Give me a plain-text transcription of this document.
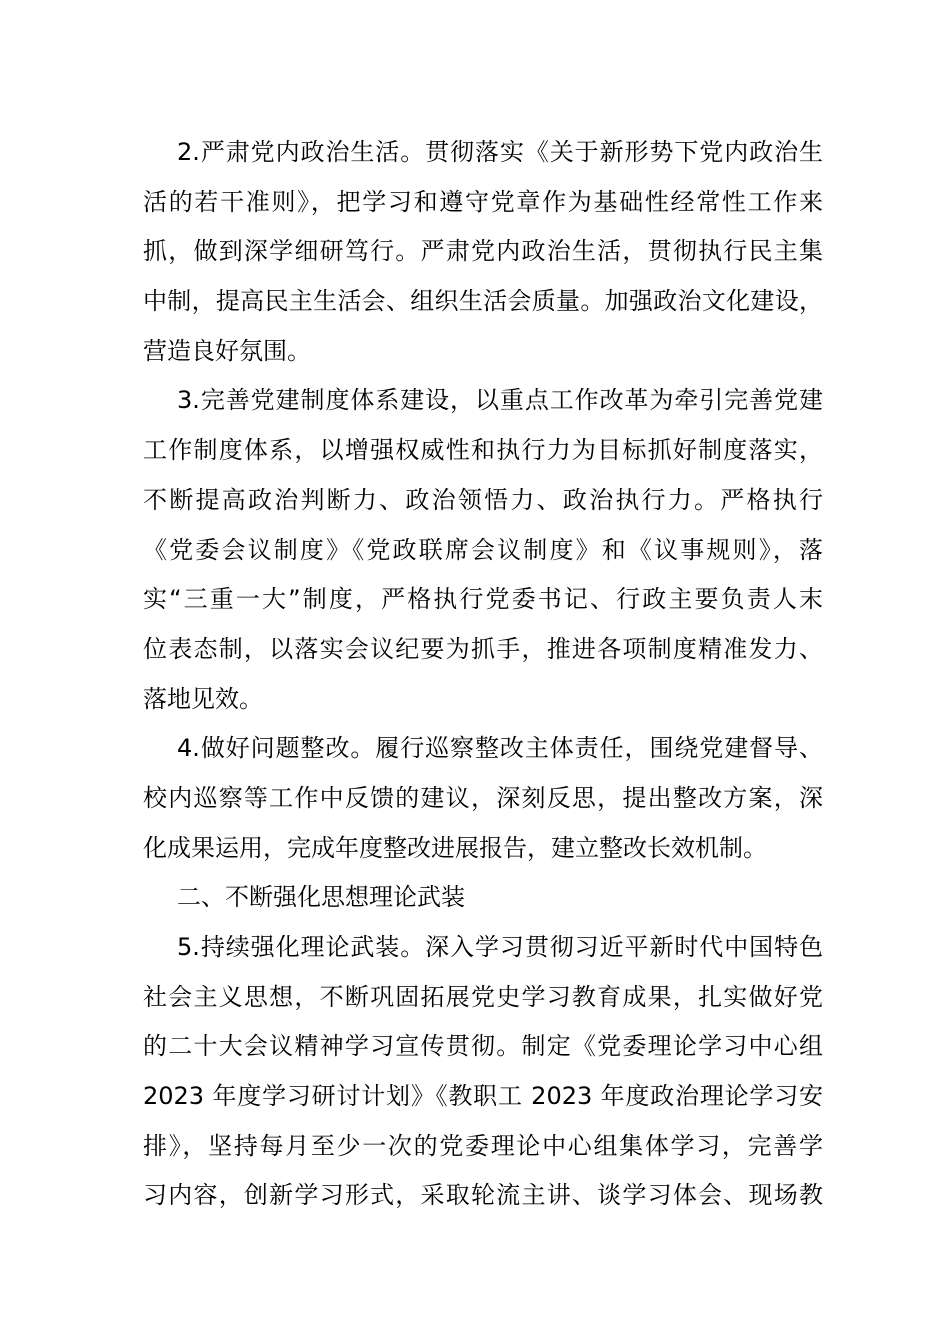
2.严肃党内政治生活。贯彻落实《关于新形势下党内政治生
活的若干准则》，把学习和遵守党章作为基础性经常性工作来
抓，做到深学细研笃行。严肃党内政治生活，贯彻执行民主集
中制，提高民主生活会、组织生活会质量。加强政治文化建设，
营造良好氛围。
3.完善党建制度体系建设，以重点工作改革为牵引完善党建
工作制度体系，以增强权威性和执行力为目标抓好制度落实，
不断提高政治判断力、政治领悟力、政治执行力。严格执行
《党委会议制度》《党政联席会议制度》和《议事规则》，落
实“三重一大”制度，严格执行党委书记、行政主要负责人末
位表态制，以落实会议纪要为抓手，推进各项制度精准发力、
落地见效。
4.做好问题整改。履行巡察整改主体责任，围绕党建督导、
校内巡察等工作中反馈的建议，深刻反思，提出整改方案，深
化成果运用，完成年度整改进展报告，建立整改长效机制。
二、不断强化思想理论武装
5.持续强化理论武装。深入学习贯彻习近平新时代中国特色
社会主义思想，不断巩固拓展党史学习教育成果，扎实做好党
的二十大会议精神学习宣传贯彻。制定《党委理论学习中心组
2023 年度学习研讨计划》《教职工 2023 年度政治理论学习安
排》，坚持每月至少一次的党委理论中心组集体学习，完善学
习内容，创新学习形式，采取轮流主讲、谈学习体会、现场教
